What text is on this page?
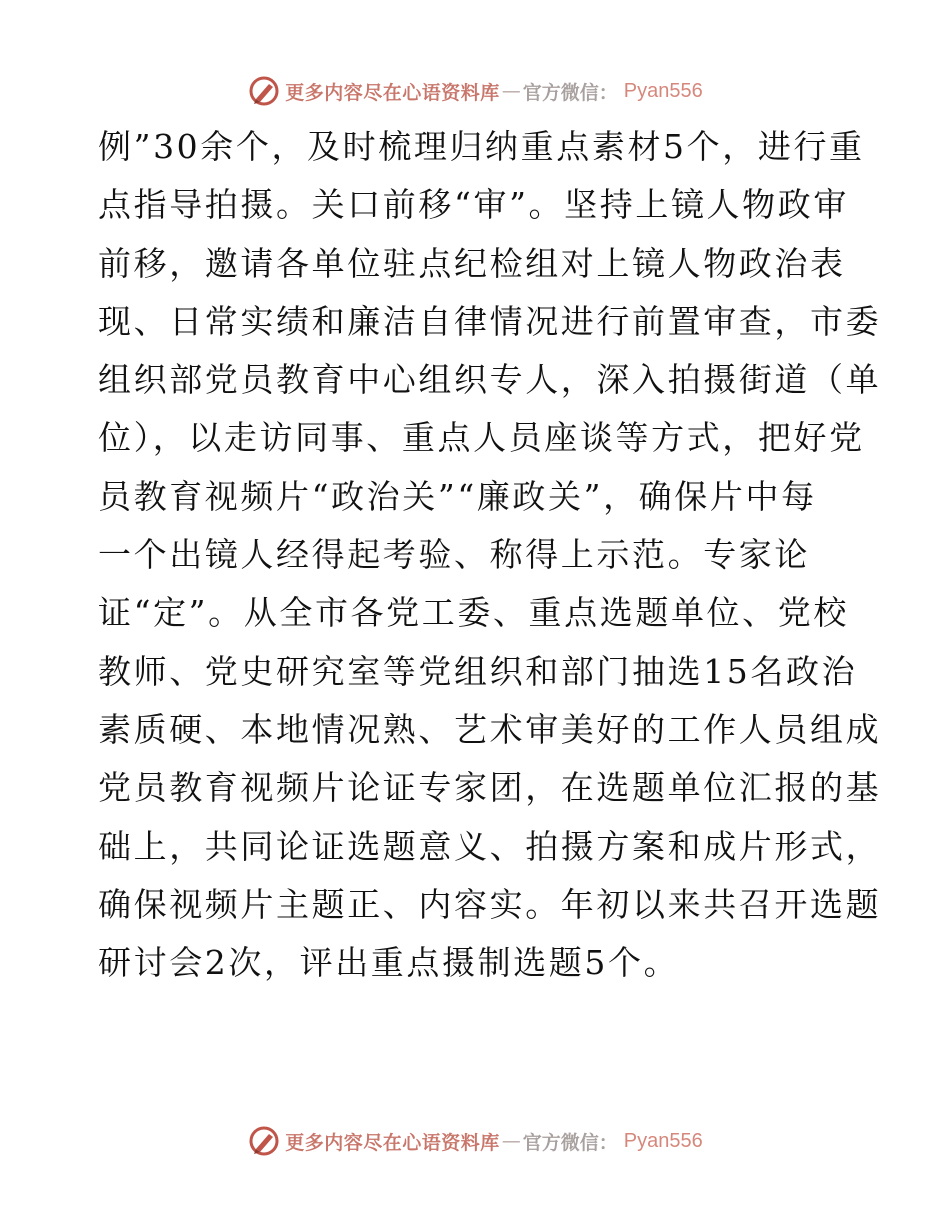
更多内容尽在心语资料库 — 官方微信： Pyan556
例”30余个，及时梳理归纳重点素材5个，进行重
点指导拍摄。关口前移“审”。坚持上镜人物政审
前移，邀请各单位驻点纪检组对上镜人物政治表
现、日常实绩和廉洁自律情况进行前置审查，市委
组织部党员教育中心组织专人，深入拍摄街道（单
位），以走访同事、重点人员座谈等方式，把好党
员教育视频片“政治关”“廉政关”，确保片中每
一个出镜人经得起考验、称得上示范。专家论
证“定”。从全市各党工委、重点选题单位、党校
教师、党史研究室等党组织和部门抽选15名政治
素质硬、本地情况熟、艺术审美好的工作人员组成
党员教育视频片论证专家团，在选题单位汇报的基
础上，共同论证选题意义、拍摄方案和成片形式，
确保视频片主题正、内容实。年初以来共召开选题
研讨会2次，评出重点摄制选题5个。
更多内容尽在心语资料库 — 官方微信： Pyan556
